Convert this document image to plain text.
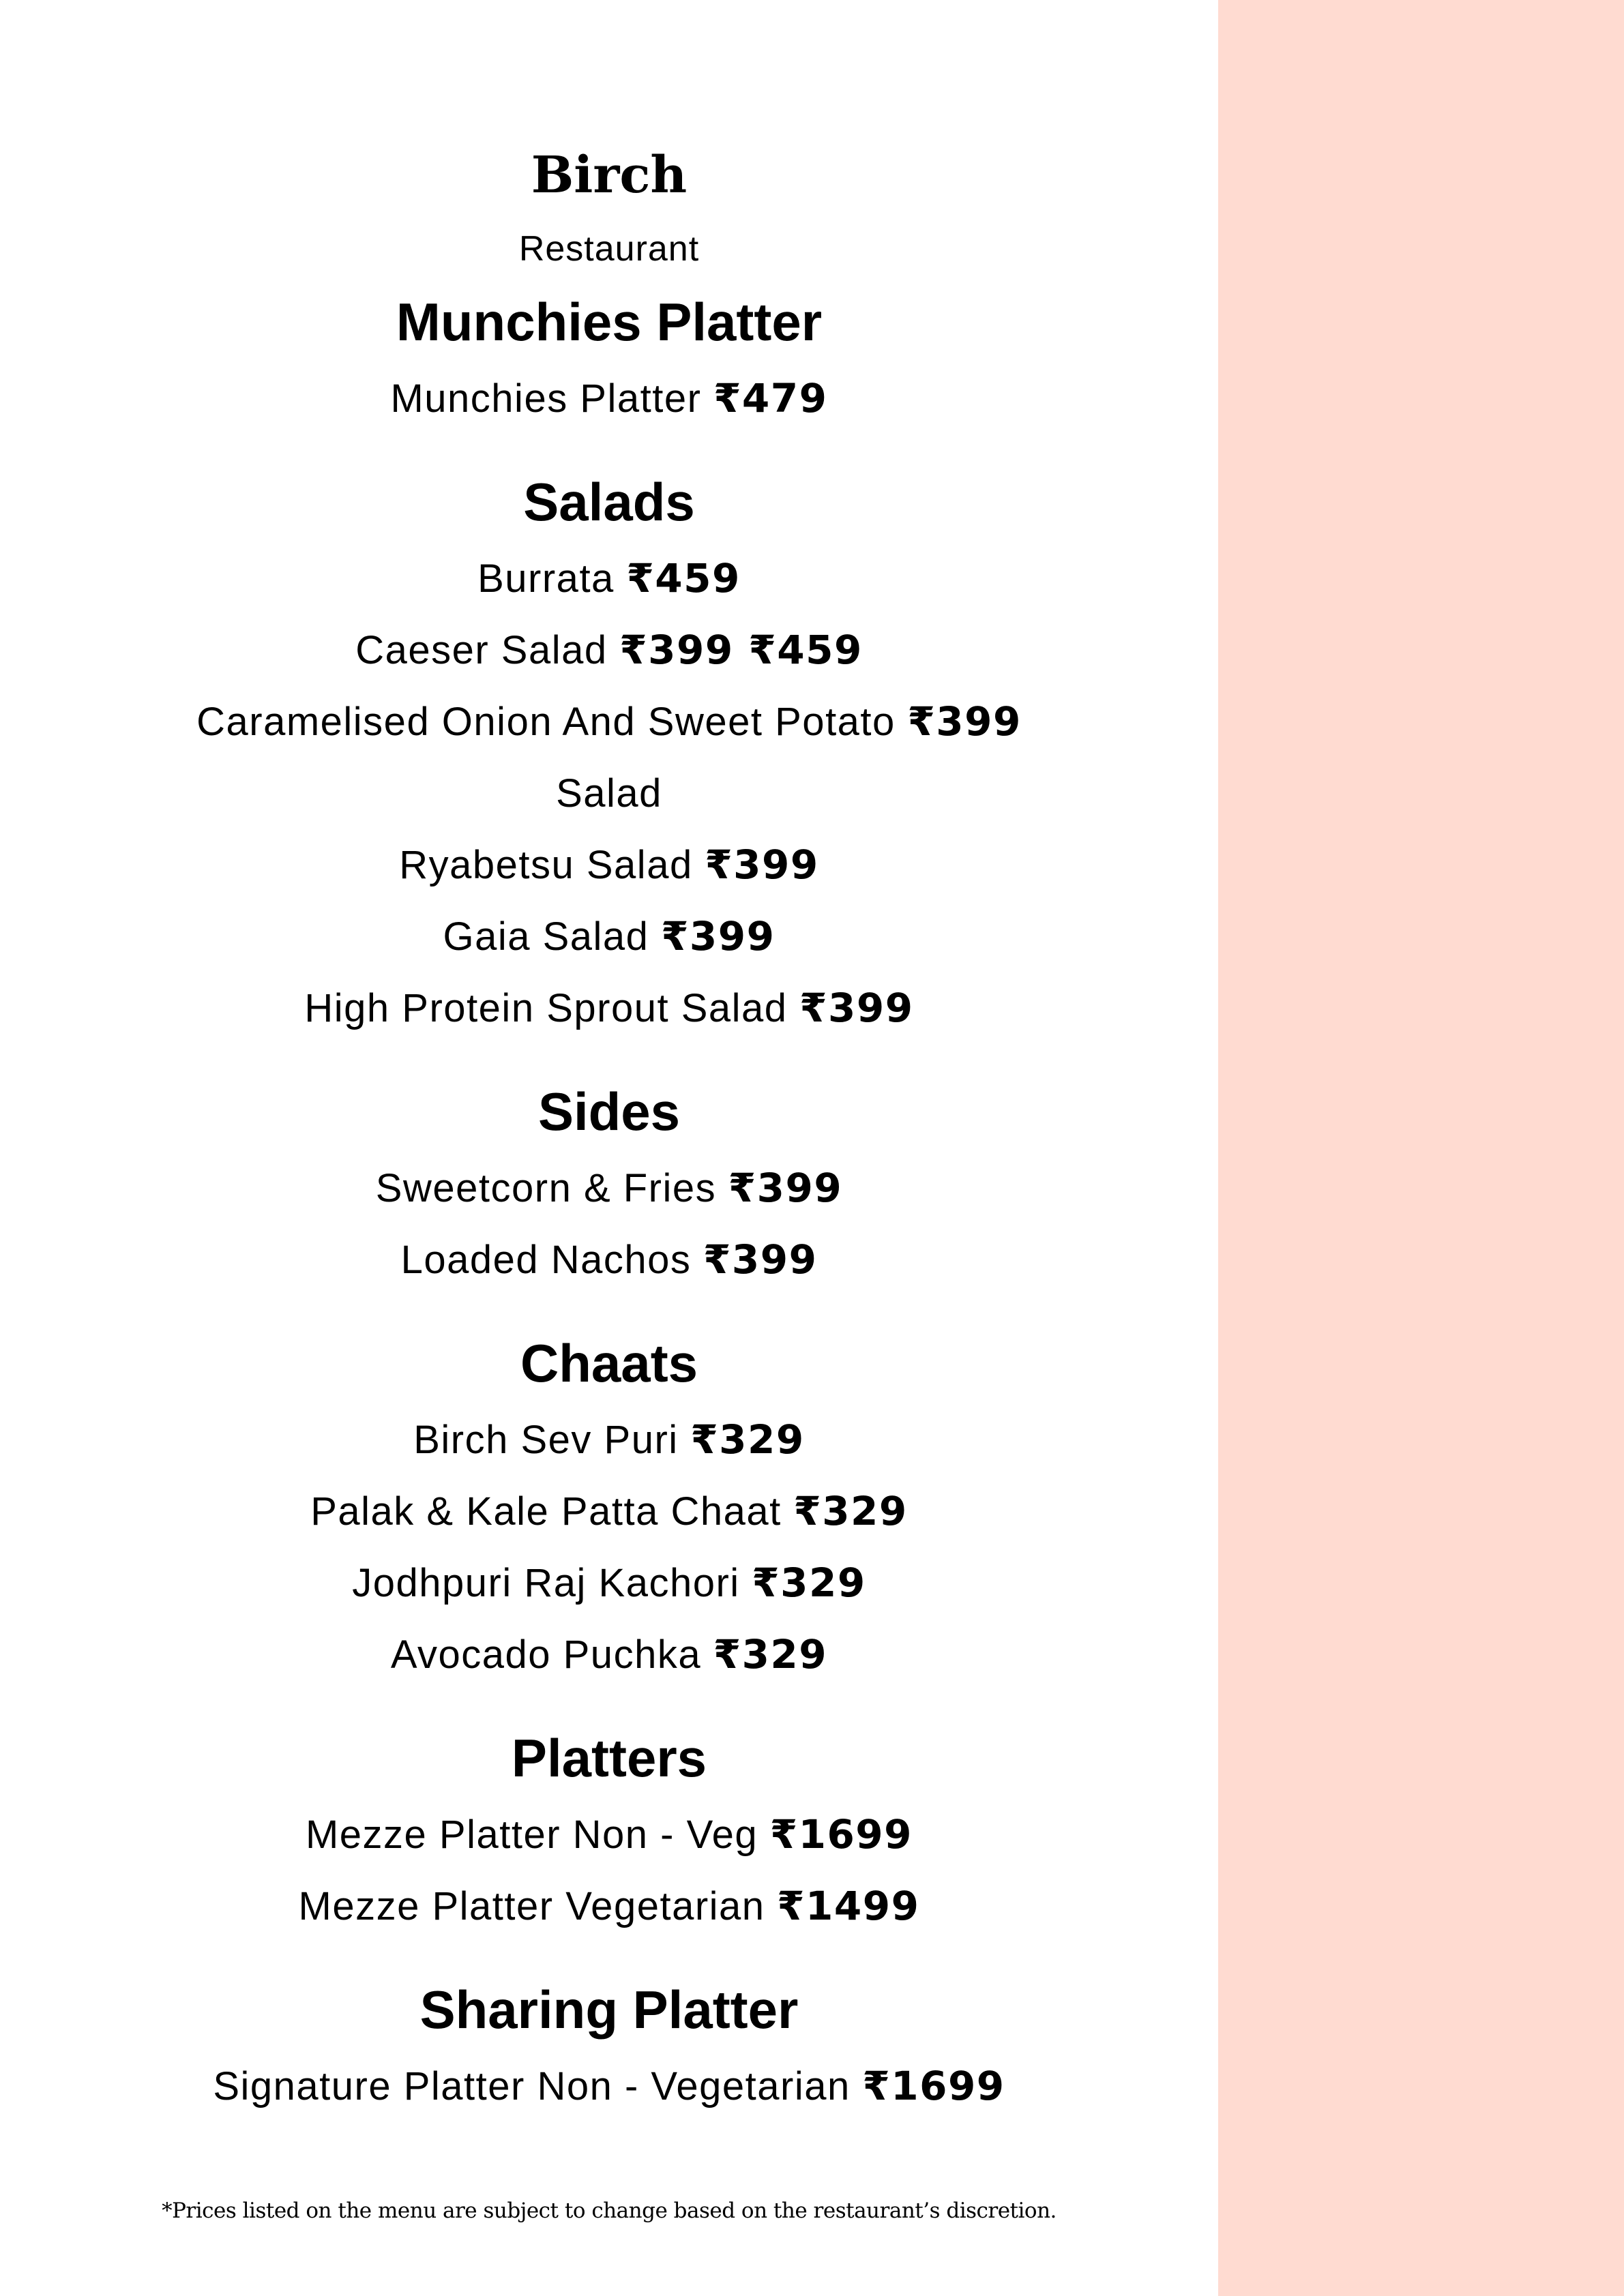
Birch
Restaurant
Munchies Platter
Munchies Platter ₹479
Salads
Burrata ₹459
Caeser Salad ₹399 ₹459
Caramelised Onion And Sweet Potato ₹399
Salad
Ryabetsu Salad ₹399
Gaia Salad ₹399
High Protein Sprout Salad ₹399
Sides
Sweetcorn & Fries ₹399
Loaded Nachos ₹399
Chaats
Birch Sev Puri ₹329
Palak & Kale Patta Chaat ₹329
Jodhpuri Raj Kachori ₹329
Avocado Puchka ₹329
Platters
Mezze Platter Non - Veg ₹1699
Mezze Platter Vegetarian ₹1499
Sharing Platter
Signature Platter Non - Vegetarian ₹1699
*Prices listed on the menu are subject to change based on the restaurant’s discretion.
